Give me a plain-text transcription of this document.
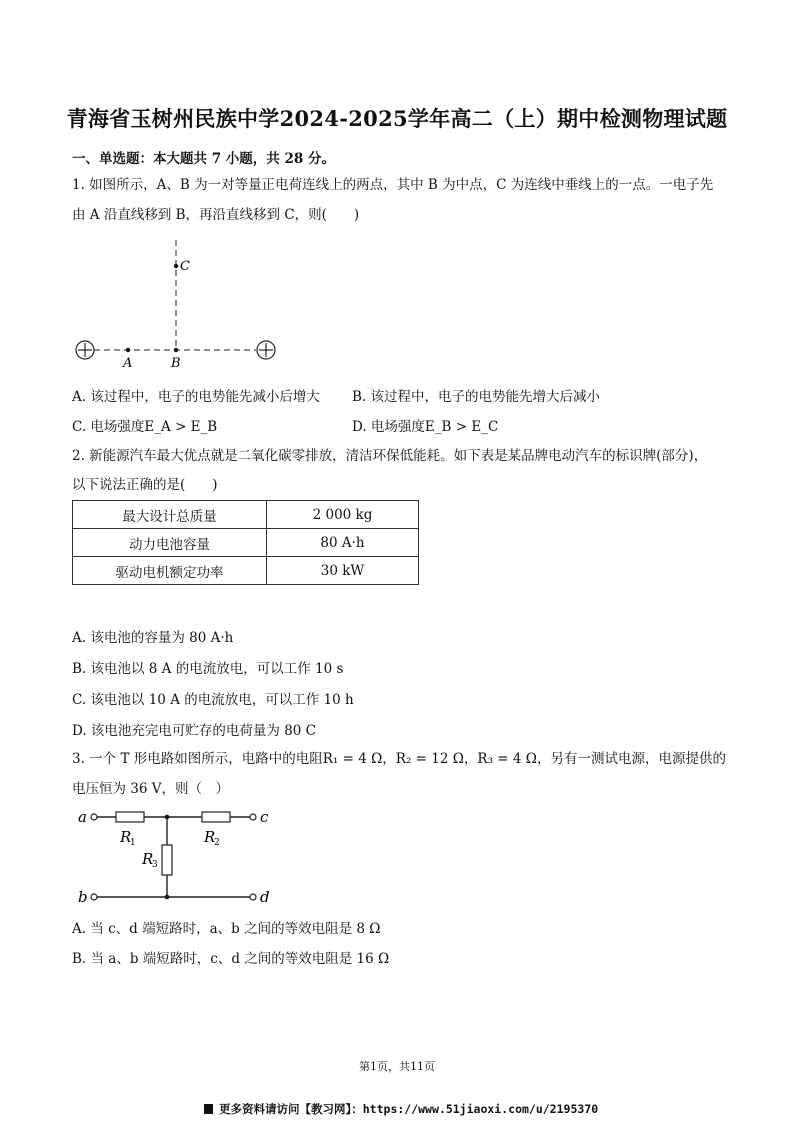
青海省玉树州民族中学2024-2025学年高二（上）期中检测物理试题
一、单选题：本大题共 7 小题，共 28 分。
1. 如图所示，A、B 为一对等量正电荷连线上的两点，其中 B 为中点，C 为连线中垂线上的一点。一电子先
由 A 沿直线移到 B，再沿直线移到 C，则(　　)
A	B
C
A. 该过程中，电子的电势能先减小后增大 B. 该过程中，电子的电势能先增大后减小
C. 电场强度E_A > E_B	D. 电场强度E_B > E_C
2. 新能源汽车最大优点就是二氧化碳零排放，清洁环保低能耗。如下表是某品牌电动汽车的标识牌(部分)，
以下说法正确的是(　　)
最大设计总质量	2 000 kg
动力电池容量	80 A·h
驱动电机额定功率	30 kW
A. 该电池的容量为 80 A·h
B. 该电池以 8 A 的电流放电，可以工作 10 s
C. 该电池以 10 A 的电流放电，可以工作 10 h
D. 该电池充完电可贮存的电荷量为 80 C
3. 一个 T 形电路如图所示，电路中的电阻R₁ = 4 Ω，R₂ = 12 Ω，R₃ = 4 Ω，另有一测试电源，电源提供的
电压恒为 36 V，则（　）
a	c
b	d
R
1	R
2
R
3
A. 当 c、d 端短路时，a、b 之间的等效电阻是 8 Ω
B. 当 a、b 端短路时，c、d 之间的等效电阻是 16 Ω
第1页，共11页
更多资料请访问【教习网】：https://www.51jiaoxi.com/u/2195370
